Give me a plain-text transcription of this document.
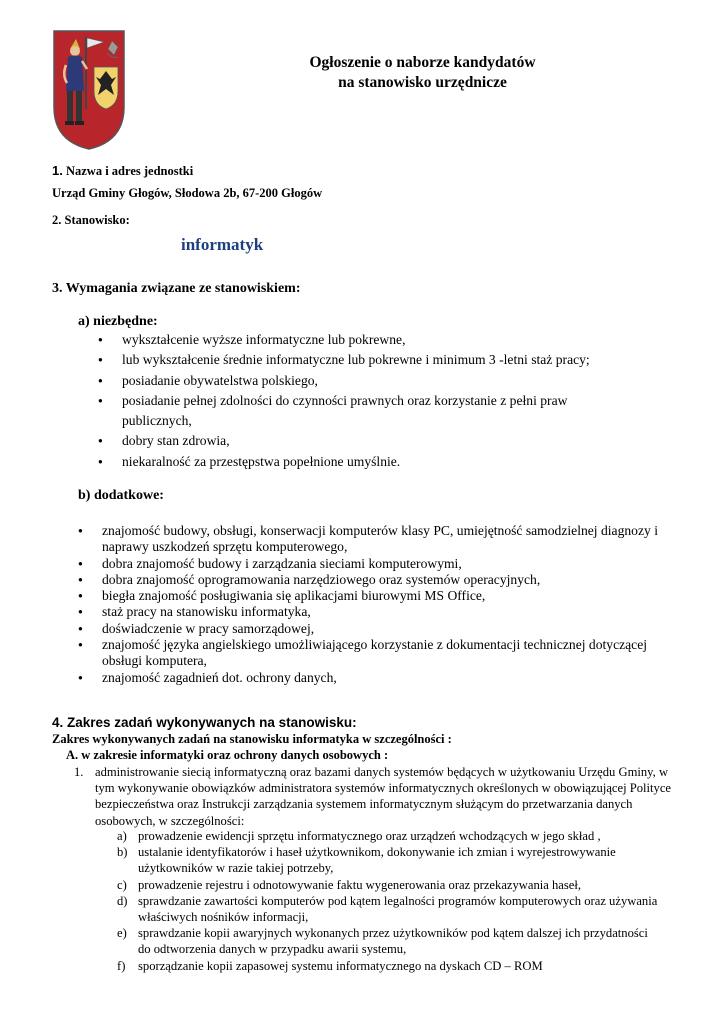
Ogłoszenie o naborze kandydatów
na stanowisko urzędnicze
1. Nazwa i adres jednostki
Urząd Gminy Głogów, Słodowa 2b, 67-200 Głogów
2. Stanowisko:
informatyk
3. Wymagania związane ze stanowiskiem:
a) niezbędne:
● wykształcenie wyższe informatyczne lub pokrewne,
● lub wykształcenie średnie informatyczne lub pokrewne i minimum 3 -letni staż pracy;
● posiadanie obywatelstwa polskiego,
● posiadanie pełnej zdolności do czynności prawnych oraz korzystanie z pełni praw publicznych,
● dobry stan zdrowia,
● niekaralność za przestępstwa popełnione umyślnie.
b) dodatkowe:
● znajomość budowy, obsługi, konserwacji komputerów klasy PC, umiejętność samodzielnej diagnozy i naprawy uszkodzeń sprzętu komputerowego,
● dobra znajomość budowy i zarządzania sieciami komputerowymi,
● dobra znajomość oprogramowania narzędziowego oraz systemów operacyjnych,
● biegła znajomość posługiwania się aplikacjami biurowymi MS Office,
● staż pracy na stanowisku informatyka,
● doświadczenie w pracy samorządowej,
● znajomość języka angielskiego umożliwiającego korzystanie z dokumentacji technicznej dotyczącej obsługi komputera,
● znajomość zagadnień dot. ochrony danych,
4. Zakres zadań wykonywanych na stanowisku:
Zakres wykonywanych zadań na stanowisku informatyka w szczególności :
A. w zakresie informatyki oraz ochrony danych osobowych :
1. administrowanie siecią informatyczną oraz bazami danych systemów będących w użytkowaniu Urzędu Gminy, w tym wykonywanie obowiązków administratora systemów informatycznych określonych w obowiązującej Polityce bezpieczeństwa oraz Instrukcji zarządzania systemem informatycznym służącym do przetwarzania danych osobowych, w szczególności:
a) prowadzenie ewidencji sprzętu informatycznego oraz urządzeń wchodzących w jego skład ,
b) ustalanie identyfikatorów i haseł użytkownikom, dokonywanie ich zmian i wyrejestrowywanie użytkowników w razie takiej potrzeby,
c) prowadzenie rejestru i odnotowywanie faktu wygenerowania oraz przekazywania haseł,
d) sprawdzanie zawartości komputerów pod kątem legalności programów komputerowych oraz używania właściwych nośników informacji,
e) sprawdzanie kopii awaryjnych wykonanych przez użytkowników pod kątem dalszej ich przydatności do odtworzenia danych w przypadku awarii systemu,
f) sporządzanie kopii zapasowej systemu informatycznego na dyskach CD – ROM
